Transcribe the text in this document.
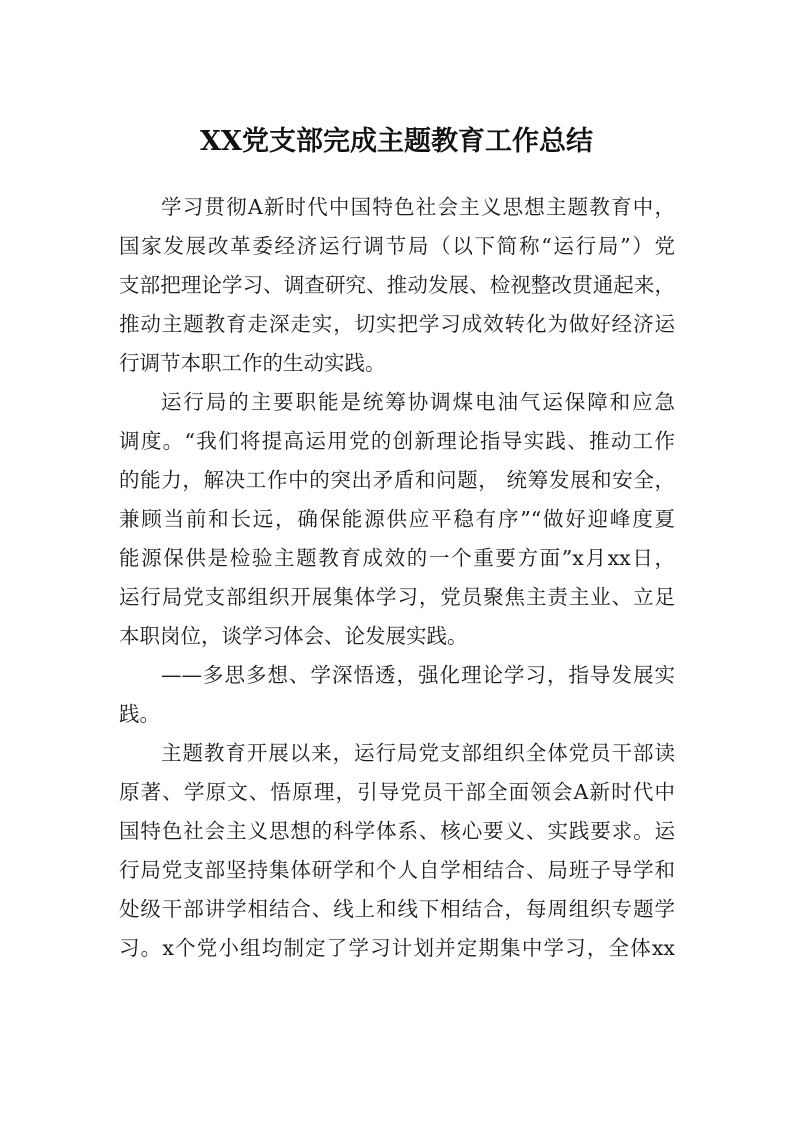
XX党支部完成主题教育工作总结
学习贯彻A新时代中国特色社会主义思想主题教育中，
国家发展改革委经济运行调节局（以下简称“运行局”）党
支部把理论学习、调查研究、推动发展、检视整改贯通起来，
推动主题教育走深走实，切实把学习成效转化为做好经济运
行调节本职工作的生动实践。
运行局的主要职能是统筹协调煤电油气运保障和应急
调度。“我们将提高运用党的创新理论指导实践、推动工作
的能力，解决工作中的突出矛盾和问题， 统筹发展和安全，
兼顾当前和长远，确保能源供应平稳有序”“做好迎峰度夏
能源保供是检验主题教育成效的一个重要方面”x月xx日，
运行局党支部组织开展集体学习，党员聚焦主责主业、立足
本职岗位，谈学习体会、论发展实践。
——多思多想、学深悟透，强化理论学习，指导发展实
践。
主题教育开展以来，运行局党支部组织全体党员干部读
原著、学原文、悟原理，引导党员干部全面领会A新时代中
国特色社会主义思想的科学体系、核心要义、实践要求。运
行局党支部坚持集体研学和个人自学相结合、局班子导学和
处级干部讲学相结合、线上和线下相结合，每周组织专题学
习。x个党小组均制定了学习计划并定期集中学习，全体xx
